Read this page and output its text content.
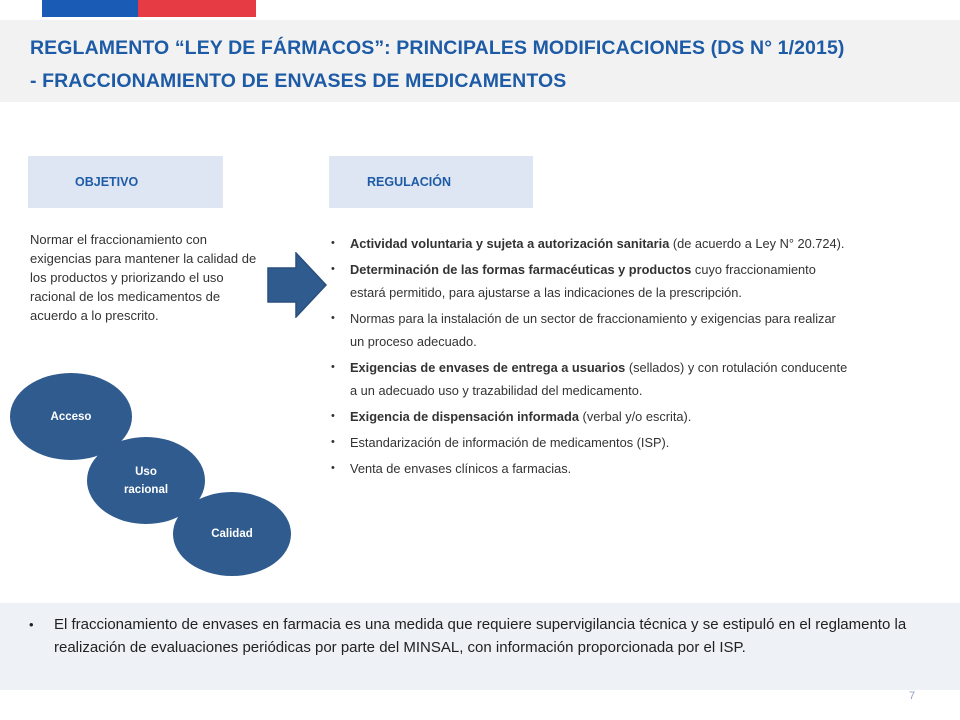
REGLAMENTO “LEY DE FÁRMACOS”: PRINCIPALES MODIFICACIONES (DS N° 1/2015)
- FRACCIONAMIENTO DE ENVASES DE MEDICAMENTOS
OBJETIVO	REGULACIÓN

Normar el fraccionamiento con exigencias para mantener la calidad de los productos y priorizando el uso racional de los medicamentos de acuerdo a lo prescrito.

Acceso
Uso
racional
Calidad
• Actividad voluntaria y sujeta a autorización sanitaria (de acuerdo a Ley N° 20.724).
• Determinación de las formas farmacéuticas y productos cuyo fraccionamiento estará permitido, para ajustarse a las indicaciones de la prescripción.
• Normas para la instalación de un sector de fraccionamiento y exigencias para realizar un proceso adecuado.
• Exigencias de envases de entrega a usuarios (sellados) y con rotulación conducente a un adecuado uso y trazabilidad del medicamento.
• Exigencia de dispensación informada (verbal y/o escrita).
• Estandarización de información de medicamentos (ISP).
• Venta de envases clínicos a farmacias.

• El fraccionamiento de envases en farmacia es una medida que requiere supervigilancia técnica y se estipuló en el reglamento la realización de evaluaciones periódicas por parte del MINSAL, con información proporcionada por el ISP.

7
